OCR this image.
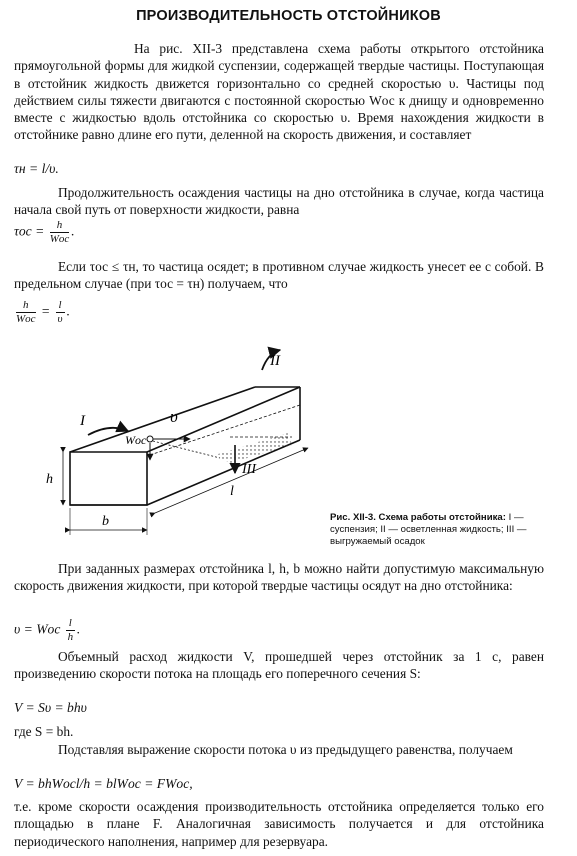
ПРОИЗВОДИТЕЛЬНОСТЬ ОТСТОЙНИКОВ
На рис. XII-3 представлена схема работы открытого отстойника прямоугольной формы для жидкой суспензии, содержащей твердые частицы. Поступающая в отстойник жидкость движется горизонтально со средней скоростью υ. Частицы под действием силы тяжести двигаются с постоянной скоростью Wос к днищу и одновременно вместе с жидкостью вдоль отстойника со скоростью υ. Время нахождения жидкости в отстойнике равно длине его пути, деленной на скорость движения, и составляет
τн = l/υ.
Продолжительность осаждения частицы на дно отстойника в случае, когда частица начала свой путь от поверхности жидкости, равна
$\tau ос = \frac{h}{\text{Wос}}$ .
Если τос ≤ τн, то частица осядет; в противном случае жидкость унесет ее с собой. В предельном случае (при τос = τн) получаем, что
$\frac{h}{\text{Wос}} = \frac{l}{\upsilon}$ .
I
II
III
υ
Wос
h
b
l
Рис. XII-3. Схема работы отстойника: I — суспензия; II — осветленная жидкость; III — выгружаемый осадок
При заданных размерах отстойника l, h, b можно найти допустимую максимальную скорость движения жидкости, при которой твердые частицы осядут на дно отстойника:
υ = Wос $\frac{l}{h}$ .
Объемный расход жидкости V, прошедшей через отстойник за 1 с, равен произведению скорости потока на площадь его поперечного сечения S:
V = Sυ = bhυ
где S = bh.
Подставляя выражение скорости потока υ из предыдущего равенства, получаем
V = bhWосl/h = blWос = FWос,
т.е. кроме скорости осаждения производительность отстойника определяется только его площадью в плане F. Аналогичная зависимость получается и для отстойника периодического наполнения, например для резервуара.
